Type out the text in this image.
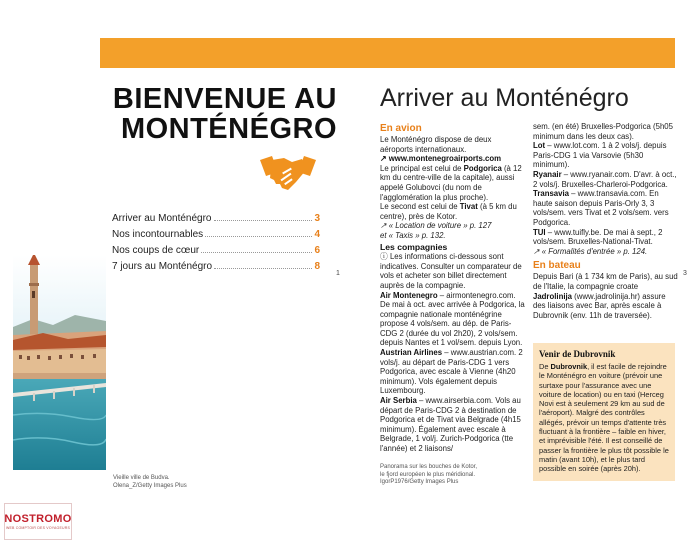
BIENVENUE AU
MONTÉNÉGRO
Arriver au Monténégro	3
Nos incontournables	4
Nos coups de cœur	6
7 jours au Monténégro	8
1
Vieille ville de Budva.
Olena_Z/Getty Images Plus
Arriver au Monténégro
En avion
Le Monténégro dispose de deux aéroports internationaux.
↗ www.montenegroairports.com
Le principal est celui de Podgorica (à 12 km du centre-ville de la capitale), aussi appelé Golubovci (du nom de l'agglomération la plus proche).
Le second est celui de Tivat (à 5 km du centre), près de Kotor.
↗ « Location de voiture » p. 127
et « Taxis » p. 132.
Les compagnies
ⓘ Les informations ci-dessous sont indicatives. Consulter un comparateur de vols et acheter son billet directement auprès de la compagnie.
Air Montenegro – airmontenegro.com. De mai à oct. avec arrivée à Podgorica, la compagnie nationale monténégrine propose 4 vols/sem. au dép. de Paris-CDG 2 (durée du vol 2h20), 2 vols/sem. depuis Nantes et 1 vol/sem. depuis Lyon.
Austrian Airlines – www.austrian.com. 2 vols/j. au départ de Paris-CDG 1 vers Podgorica, avec escale à Vienne (4h20 minimum). Vols également depuis Luxembourg.
Air Serbia – www.airserbia.com. Vols au départ de Paris-CDG 2 à destination de Podgorica et de Tivat via Belgrade (4h15 minimum). Également avec escale à Belgrade, 1 vol/j. Zurich-Podgorica (tte l'année) et 2 liaisons/
Panorama sur les bouches de Kotor,
le fjord européen le plus méridional.
IgorP1976/Getty Images Plus
sem. (en été) Bruxelles-Podgorica (5h05 minimum dans les deux cas).
Lot – www.lot.com. 1 à 2 vols/j. depuis Paris-CDG 1 via Varsovie (5h30 minimum).
Ryanair – www.ryanair.com. D'avr. à oct., 2 vols/j. Bruxelles-Charleroi-Podgorica.
Transavia – www.transavia.com. En haute saison depuis Paris-Orly 3, 3 vols/sem. vers Tivat et 2 vols/sem. vers Podgorica.
TUI – www.tuifly.be. De mai à sept., 2 vols/sem. Bruxelles-National-Tivat.
↗ « Formalités d'entrée » p. 124.
En bateau
Depuis Bari (à 1 734 km de Paris), au sud de l'Italie, la compagnie croate Jadrolinija (www.jadrolinija.hr) assure des liaisons avec Bar, après escale à Dubrovnik (env. 11h de traversée).
Venir de Dubrovnik
De Dubrovnik, il est facile de rejoindre le Monténégro en voiture (prévoir une surtaxe pour l'assurance avec une voiture de location) ou en taxi (Herceg Novi est à seulement 29 km au sud de l'aéroport). Malgré des contrôles allégés, prévoir un temps d'attente très fluctuant à la frontière – faible en hiver, et imprévisible l'été. Il est conseillé de passer la frontière le plus tôt possible le matin (avant 10h), et le plus tard possible en soirée (après 20h).
3
NOSTROMO
WEB COMPTOIR DES VOYAGEURS
